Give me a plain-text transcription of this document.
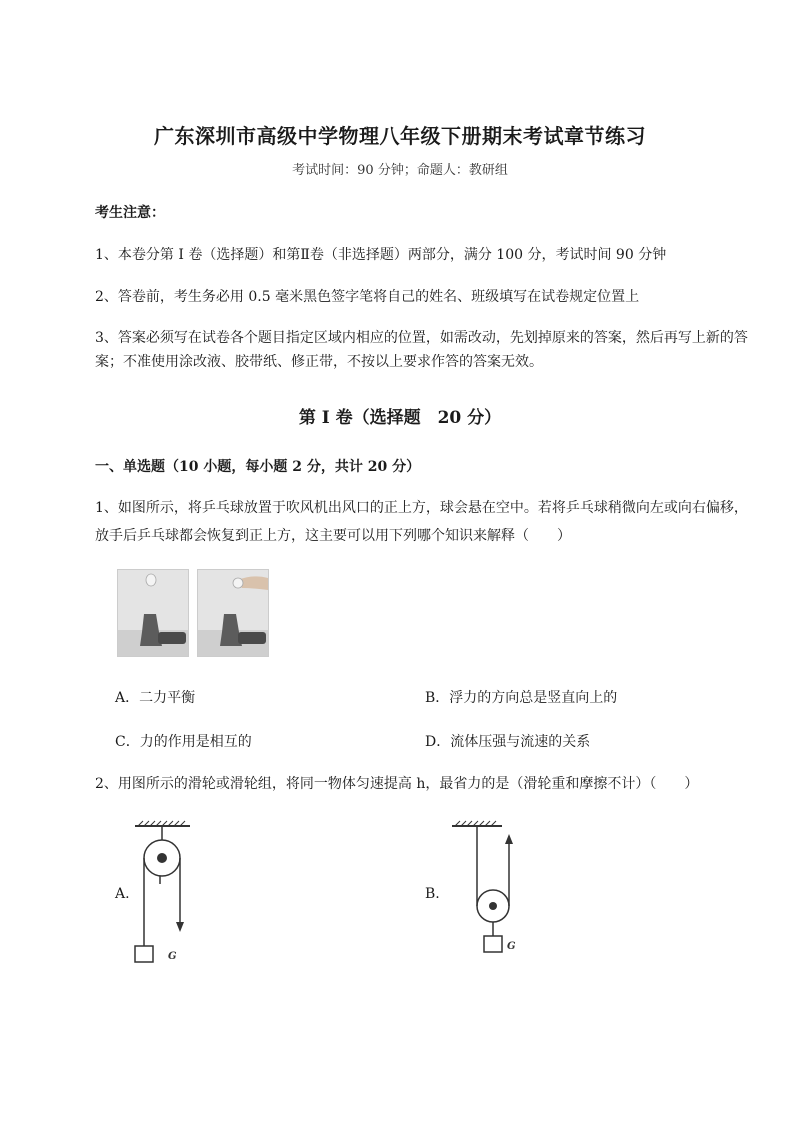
广东深圳市高级中学物理八年级下册期末考试章节练习
考试时间：90 分钟；命题人：教研组
考生注意：
1、本卷分第 I 卷（选择题）和第Ⅱ卷（非选择题）两部分，满分 100 分，考试时间 90 分钟
2、答卷前，考生务必用 0.5 毫米黑色签字笔将自己的姓名、班级填写在试卷规定位置上
3、答案必须写在试卷各个题目指定区域内相应的位置，如需改动，先划掉原来的答案，然后再写上新的答案；不准使用涂改液、胶带纸、修正带，不按以上要求作答的答案无效。
第 I 卷（选择题　20 分）
一、单选题（10 小题，每小题 2 分，共计 20 分）
1、如图所示，将乒乓球放置于吹风机出风口的正上方，球会悬在空中。若将乒乓球稍微向左或向右偏移，放手后乒乓球都会恢复到正上方，这主要可以用下列哪个知识来解释（　　）
A．二力平衡	B．浮力的方向总是竖直向上的
C．力的作用是相互的	D．流体压强与流速的关系
2、用图所示的滑轮或滑轮组，将同一物体匀速提高 h，最省力的是（滑轮重和摩擦不计）（　　）
A.	B.
G
G
